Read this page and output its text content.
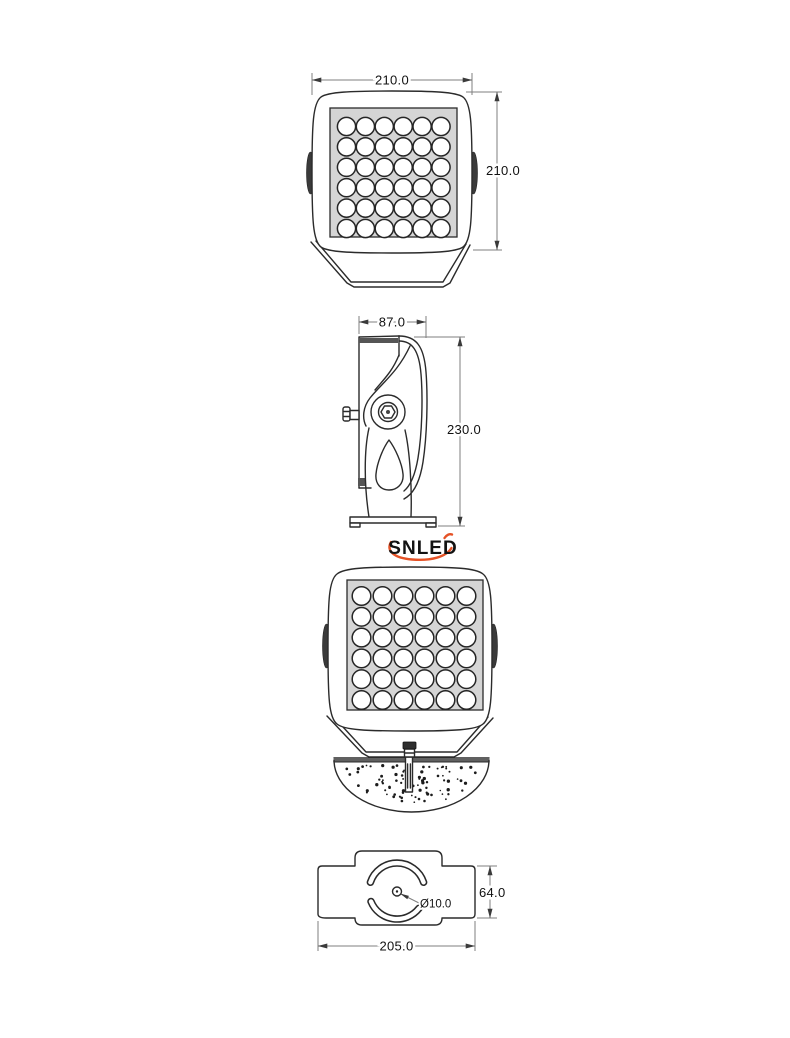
210.0
210.0
87.0
230.0
SNLED
Ø10.0
64.0
205.0
